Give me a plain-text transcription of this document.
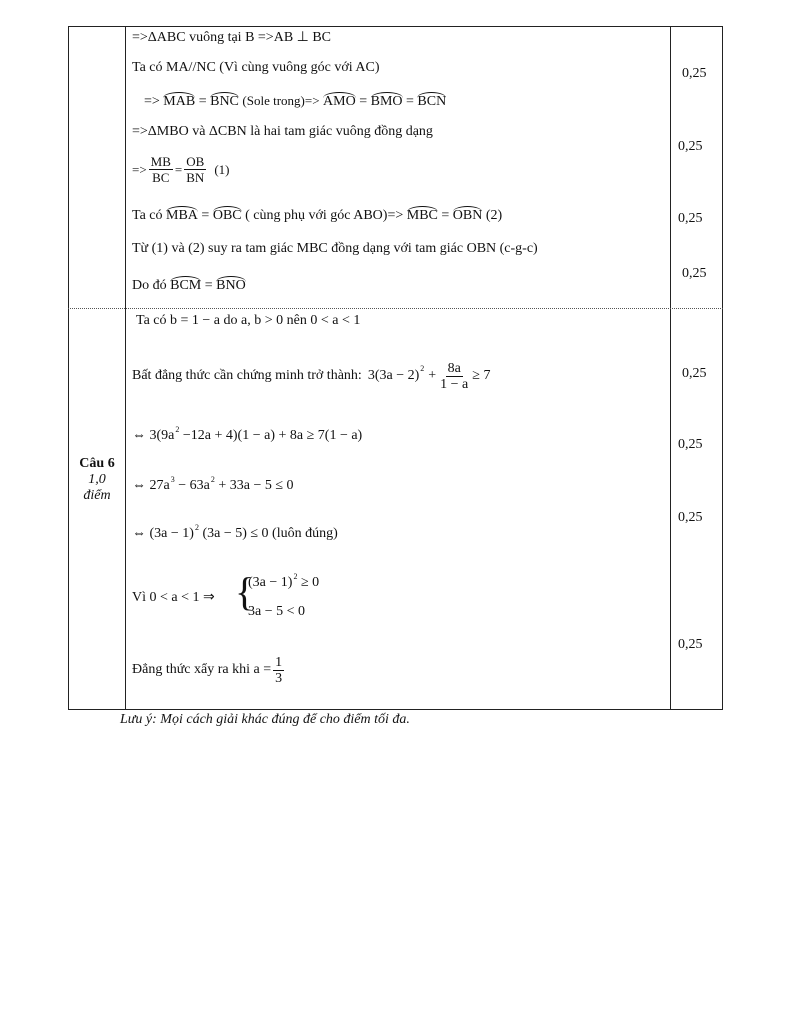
=>ΔABC vuông tại B =>AB ⊥ BC
Ta có MA//NC (Vì cùng vuông góc với AC)
=> MAB = BNC (Sole trong)=> AMO = BMO = BCN
=>ΔMBO và ΔCBN là hai tam giác vuông đồng dạng
=> $\frac{MB}{BC} = \frac{OB}{BN} (1)$
Ta có MBA = OBC ( cùng phụ với góc ABO)=> MBC = OBN (2)
Từ (1) và (2) suy ra tam giác MBC đồng dạng với tam giác OBN (c-g-c)
Do đó BCM = BNO
0,25
0,25
0,25
0,25
Câu 6
1,0
điểm
Ta có b = 1 − a do a, b > 0 nên 0 < a < 1
Bất đẳng thức cần chứng minh trở thành: 3(3a − 2) $2 + \frac{8a}{1 - a} \ge 7$
⇔ $3(9a^2 -12a + 4)(1 - a) + 8a \ge 7(1 - a)$
⇔ $27a^3 - 63a^2 + 33a - 5 \le 0$
⇔ $(3a - 1)^2$ (3a − 5) ≤ 0 (luôn đúng)
Vì 0 < a < 1 ⇒ {
$(3a - 1)^2 \ge 0$
3a − 5 < 0
Đẳng thức xẩy ra khi $a = \frac{1}{3}$
0,25
0,25
0,25
0,25
Lưu ý: Mọi cách giải khác đúng để cho điểm tối đa.
